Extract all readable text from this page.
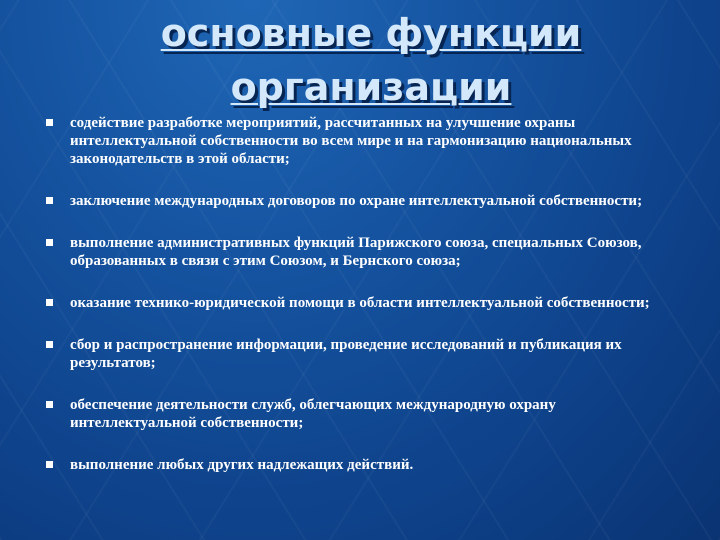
основные функции
организации
содействие разработке мероприятий, рассчитанных на улучшение охраны интеллектуальной собственности во всем мире и на гармонизацию национальных законодательств в этой области;
заключение международных договоров по охране интеллектуальной собственности;
выполнение административных функций Парижского союза, специальных Союзов, образованных в связи с этим Союзом, и Бернского союза;
оказание технико-юридической помощи в области интеллектуальной собственности;
сбор и распространение информации, проведение исследований и публикация их результатов;
обеспечение деятельности служб, облегчающих международную охрану интеллектуальной собственности;
выполнение любых других надлежащих действий.
